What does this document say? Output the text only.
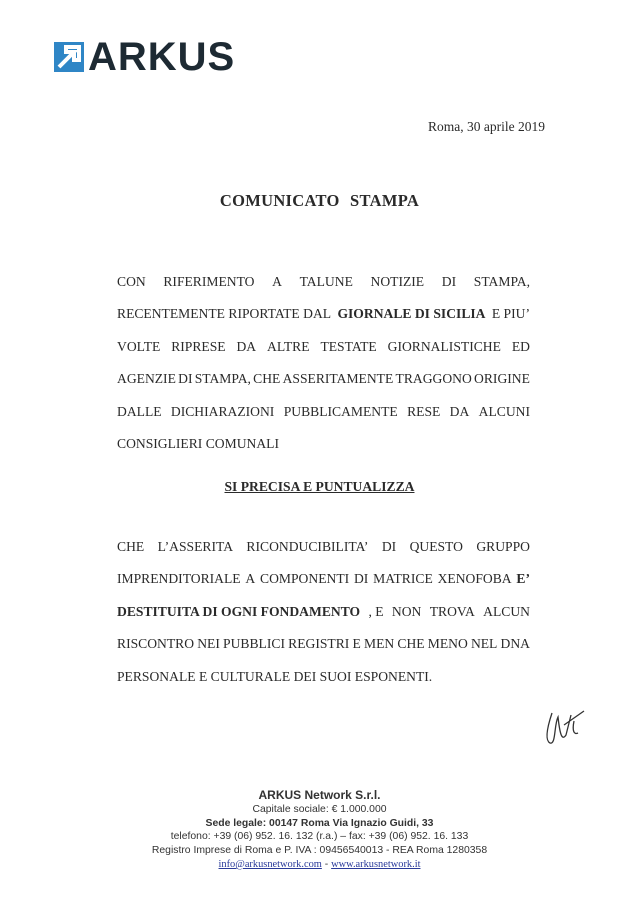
ARKUS
Roma, 30 aprile 2019
COMUNICATO STAMPA
CON RIFERIMENTO A TALUNE NOTIZIE DI STAMPA,
RECENTEMENTE RIPORTATE DAL GIORNALE DI SICILIA E PIU’
VOLTE RIPRESE DA ALTRE TESTATE GIORNALISTICHE ED
AGENZIE DI STAMPA, CHE ASSERITAMENTE TRAGGONO ORIGINE
DALLE DICHIARAZIONI PUBBLICAMENTE RESE DA ALCUNI
CONSIGLIERI COMUNALI
SI PRECISA E PUNTUALIZZA
CHE L’ASSERITA RICONDUCIBILITA’ DI QUESTO GRUPPO
IMPRENDITORIALE A COMPONENTI DI MATRICE XENOFOBA E’
DESTITUITA DI OGNI FONDAMENTO , E NON TROVA ALCUN
RISCONTRO NEI PUBBLICI REGISTRI E MEN CHE MENO NEL DNA
PERSONALE E CULTURALE DEI SUOI ESPONENTI.
ARKUS Network S.r.l.
Capitale sociale: € 1.000.000
Sede legale: 00147 Roma Via Ignazio Guidi, 33
telefono: +39 (06) 952. 16. 132 (r.a.) – fax: +39 (06) 952. 16. 133
Registro Imprese di Roma e P. IVA : 09456540013 - REA Roma 1280358
info@arkusnetwork.com - www.arkusnetwork.it
